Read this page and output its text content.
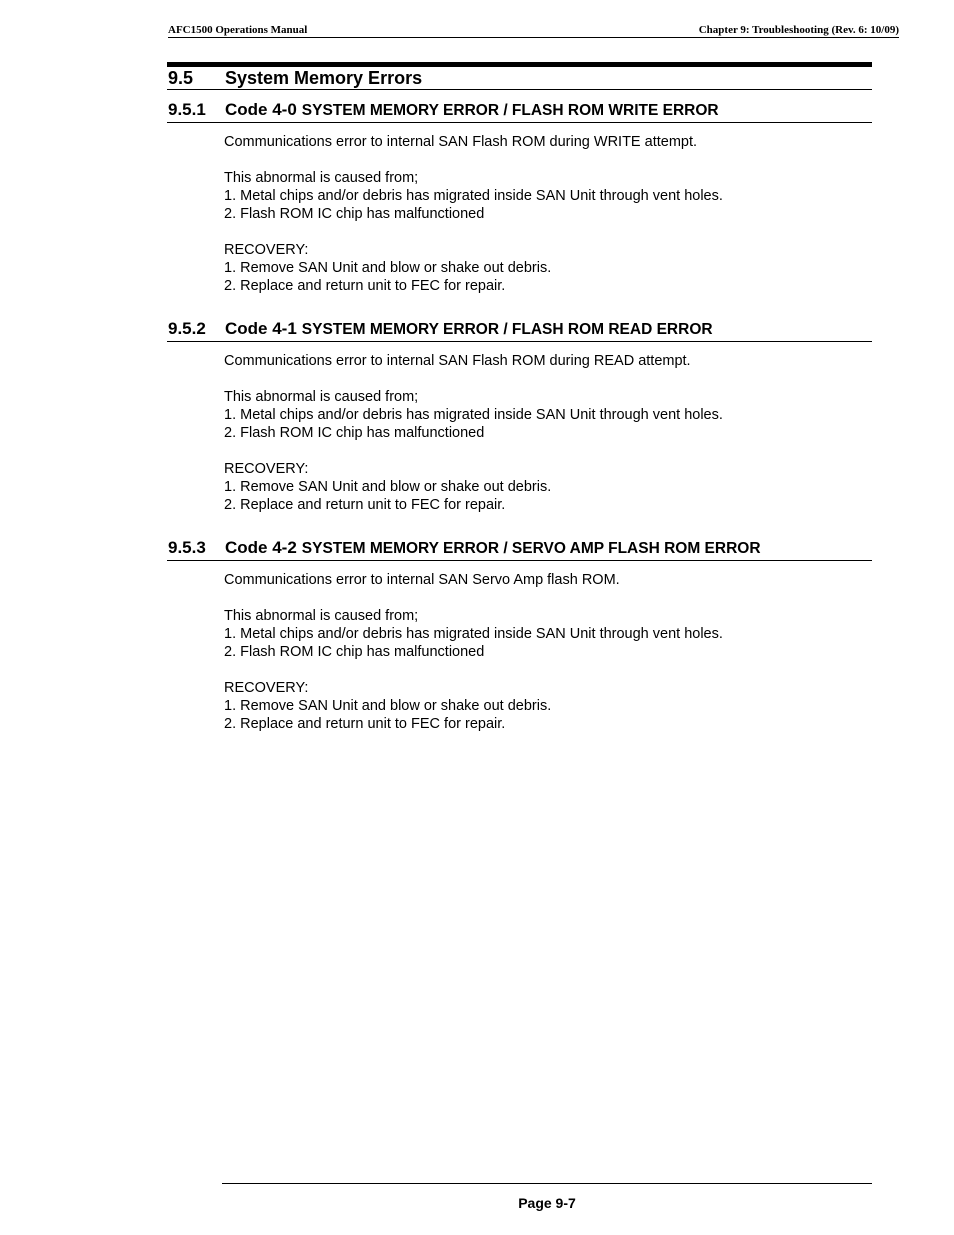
AFC1500 Operations Manual	Chapter 9: Troubleshooting (Rev. 6: 10/09)
9.5	System Memory Errors
9.5.1	Code 4-0 SYSTEM MEMORY ERROR / FLASH ROM WRITE ERROR

Communications error to internal SAN Flash ROM during WRITE attempt.

This abnormal is caused from;
1. Metal chips and/or debris has migrated inside SAN Unit through vent holes.
2. Flash ROM IC chip has malfunctioned
RECOVERY:
1. Remove SAN Unit and blow or shake out debris.
2. Replace and return unit to FEC for repair.
9.5.2	Code 4-1 SYSTEM MEMORY ERROR / FLASH ROM READ ERROR

Communications error to internal SAN Flash ROM during READ attempt.

This abnormal is caused from;
1. Metal chips and/or debris has migrated inside SAN Unit through vent holes.
2. Flash ROM IC chip has malfunctioned
RECOVERY:
1. Remove SAN Unit and blow or shake out debris.
2. Replace and return unit to FEC for repair.
9.5.3	Code 4-2 SYSTEM MEMORY ERROR / SERVO AMP FLASH ROM ERROR

Communications error to internal SAN Servo Amp flash ROM.

This abnormal is caused from;
1. Metal chips and/or debris has migrated inside SAN Unit through vent holes.
2. Flash ROM IC chip has malfunctioned
RECOVERY:
1. Remove SAN Unit and blow or shake out debris.
2. Replace and return unit to FEC for repair.
Page 9-7
